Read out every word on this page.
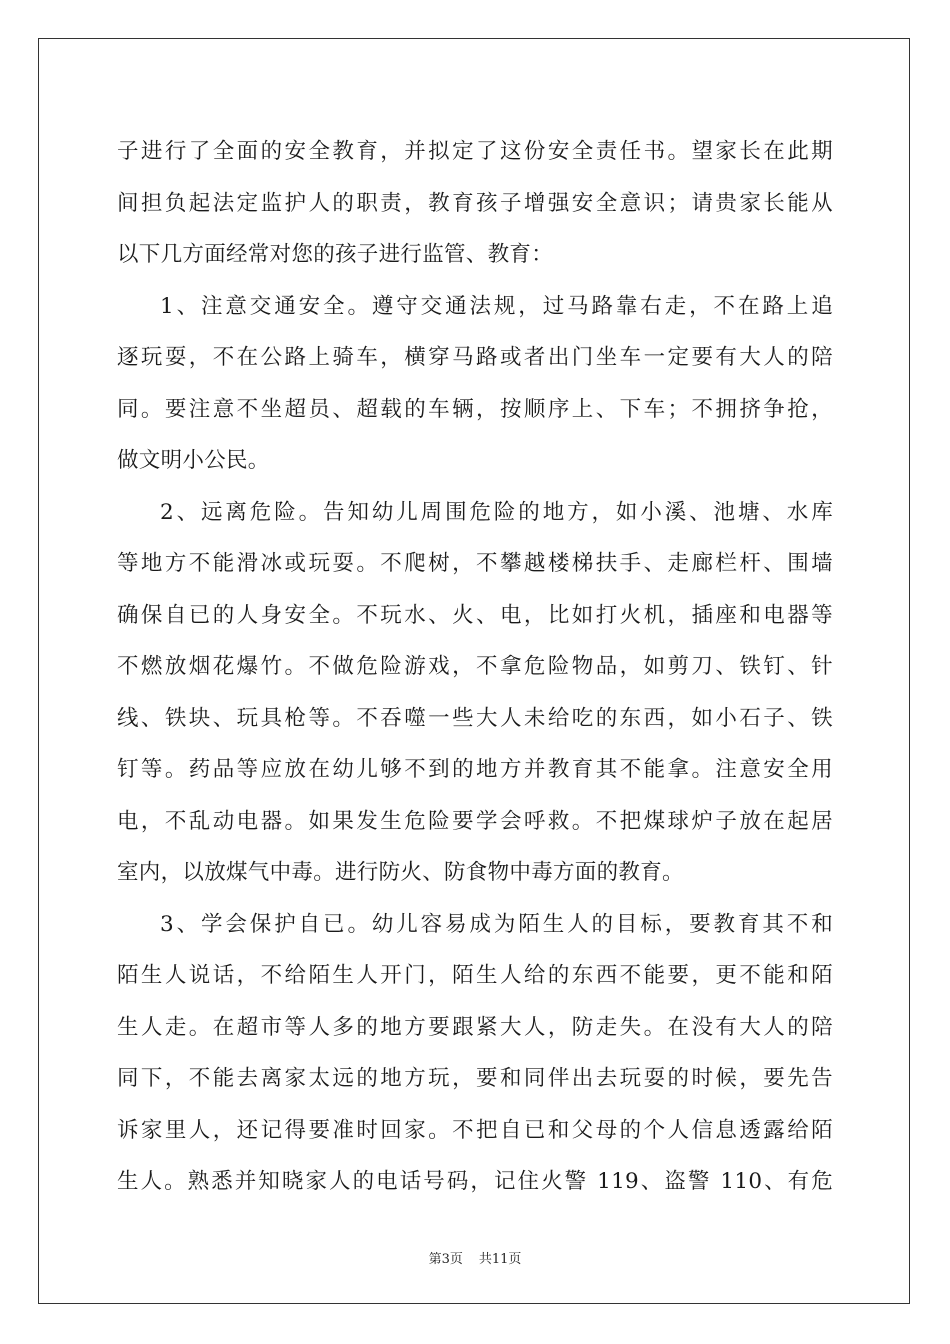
子进行了全面的安全教育，并拟定了这份安全责任书。望家长在此期
间担负起法定监护人的职责，教育孩子增强安全意识；请贵家长能从
以下几方面经常对您的孩子进行监管、教育：
1、注意交通安全。遵守交通法规，过马路靠右走，不在路上追
逐玩耍，不在公路上骑车，横穿马路或者出门坐车一定要有大人的陪
同。要注意不坐超员、超载的车辆，按顺序上、下车；不拥挤争抢，
做文明小公民。
2、远离危险。告知幼儿周围危险的地方，如小溪、池塘、水库
等地方不能滑冰或玩耍。不爬树，不攀越楼梯扶手、走廊栏杆、围墙
确保自已的人身安全。不玩水、火、电，比如打火机，插座和电器等
不燃放烟花爆竹。不做危险游戏，不拿危险物品，如剪刀、铁钉、针
线、铁块、玩具枪等。不吞噬一些大人未给吃的东西，如小石子、铁
钉等。药品等应放在幼儿够不到的地方并教育其不能拿。注意安全用
电，不乱动电器。如果发生危险要学会呼救。不把煤球炉子放在起居
室内，以放煤气中毒。进行防火、防食物中毒方面的教育。
3、学会保护自已。幼儿容易成为陌生人的目标，要教育其不和
陌生人说话，不给陌生人开门，陌生人给的东西不能要，更不能和陌
生人走。在超市等人多的地方要跟紧大人，防走失。在没有大人的陪
同下，不能去离家太远的地方玩，要和同伴出去玩耍的时候，要先告
诉家里人，还记得要准时回家。不把自已和父母的个人信息透露给陌
生人。熟悉并知晓家人的电话号码，记住火警 119、盗警 110、有危
第3页 共11页
